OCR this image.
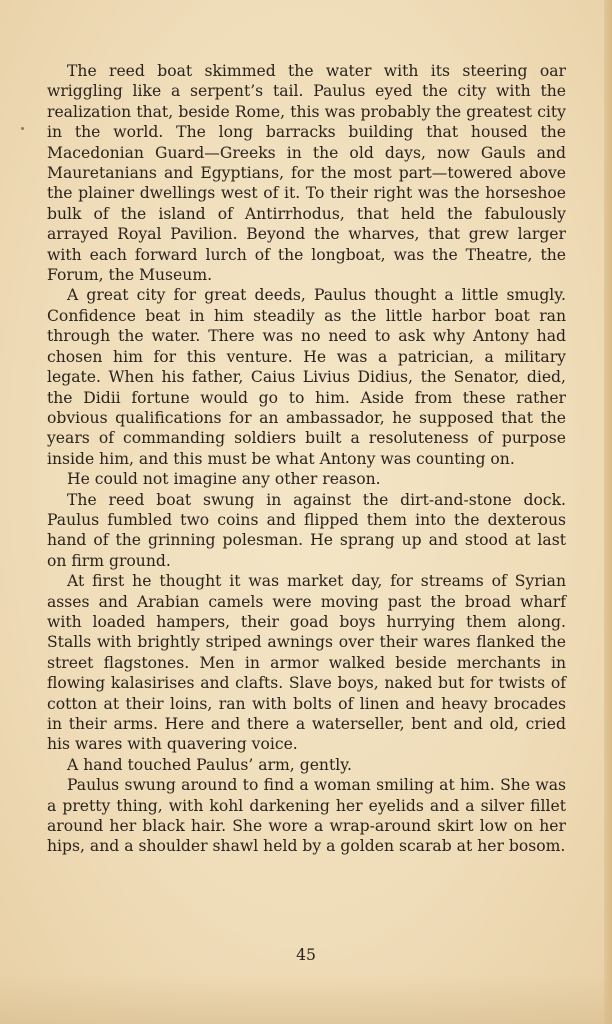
The reed boat skimmed the water with its steering oar wriggling like a serpent’s tail. Paulus eyed the city with the realization that, beside Rome, this was probably the greatest city in the world. The long barracks building that housed the Macedonian Guard—Greeks in the old days, now Gauls and Mauretanians and Egyptians, for the most part—towered above the plainer dwellings west of it. To their right was the horseshoe bulk of the island of Antirrhodus, that held the fabulously arrayed Royal Pavilion. Beyond the wharves, that grew larger with each forward lurch of the longboat, was the Theatre, the Forum, the Museum.

A great city for great deeds, Paulus thought a little smugly. Confidence beat in him steadily as the little harbor boat ran through the water. There was no need to ask why Antony had chosen him for this venture. He was a patrician, a military legate. When his father, Caius Livius Didius, the Senator, died, the Didii fortune would go to him. Aside from these rather obvious qualifications for an ambassador, he supposed that the years of commanding soldiers built a resoluteness of purpose inside him, and this must be what Antony was counting on.

He could not imagine any other reason.

The reed boat swung in against the dirt-and-stone dock. Paulus fumbled two coins and flipped them into the dexterous hand of the grinning polesman. He sprang up and stood at last on firm ground.

At first he thought it was market day, for streams of Syrian asses and Arabian camels were moving past the broad wharf with loaded hampers, their goad boys hurrying them along. Stalls with brightly striped awnings over their wares flanked the street flagstones. Men in armor walked beside merchants in flowing kalasirises and clafts. Slave boys, naked but for twists of cotton at their loins, ran with bolts of linen and heavy brocades in their arms. Here and there a waterseller, bent and old, cried his wares with quavering voice.

A hand touched Paulus’ arm, gently.

Paulus swung around to find a woman smiling at him. She was a pretty thing, with kohl darkening her eyelids and a silver fillet around her black hair. She wore a wrap-around skirt low on her hips, and a shoulder shawl held by a golden scarab at her bosom.

45
